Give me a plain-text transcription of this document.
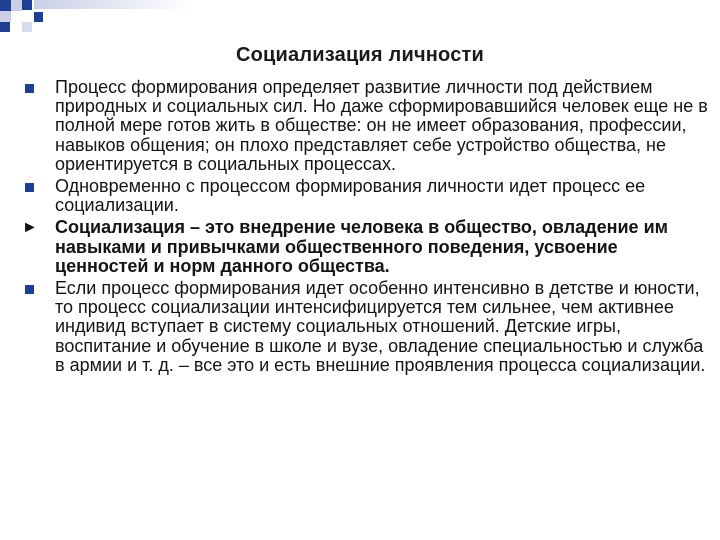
Социализация личности
Процесс формирования определяет развитие личности под действием природных и социальных сил. Но даже сформировавшийся человек еще не в полной мере готов жить в обществе: он не имеет образования, профессии, навыков общения; он плохо представляет себе устройство общества, не ориентируется в социальных процессах.
Одновременно с процессом формирования личности идет процесс ее социализации.
► Социализация – это внедрение человека в общество, овладение им навыками и привычками общественного поведения, усвоение ценностей и норм данного общества.
Если процесс формирования идет особенно интенсивно в детстве и юности, то процесс социализации интенсифицируется тем сильнее, чем активнее индивид вступает в систему социальных отношений. Детские игры, воспитание и обучение в школе и вузе, овладение специальностью и служба в армии и т. д. – все это и есть внешние проявления процесса социализации.
